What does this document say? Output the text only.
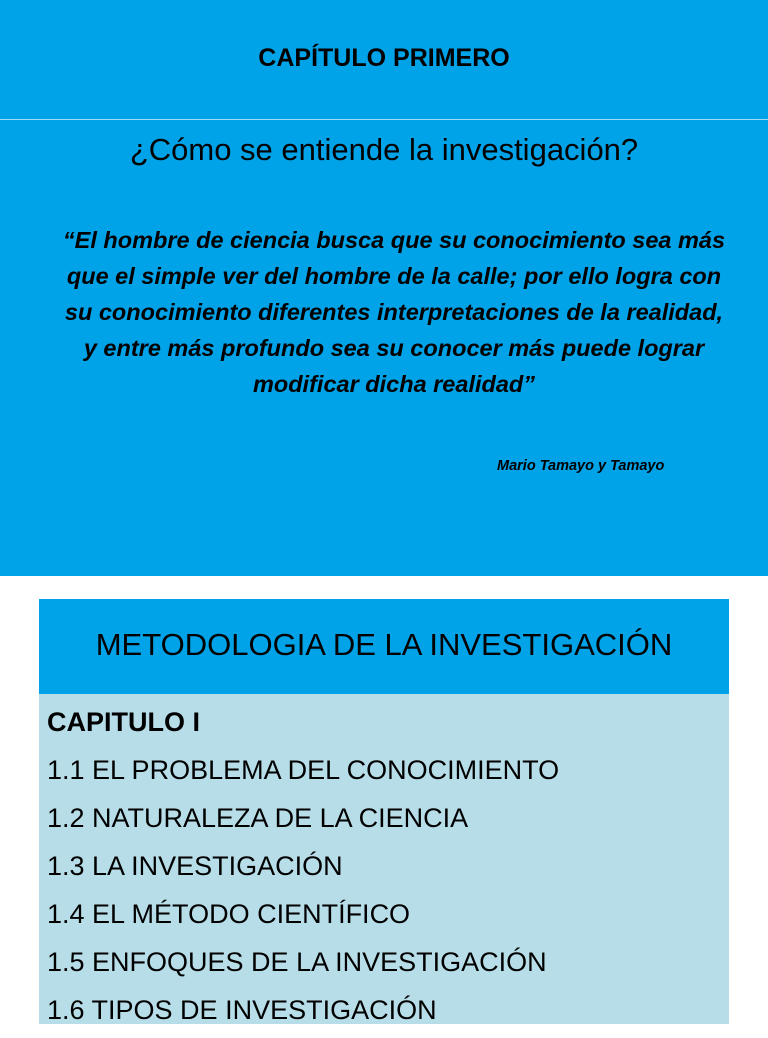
CAPÍTULO PRIMERO
¿Cómo se entiende la investigación?
“El hombre de ciencia busca que su conocimiento sea más
que el simple ver del hombre de la calle; por ello logra con
su conocimiento diferentes interpretaciones de la realidad,
y entre más profundo sea su conocer más puede lograr
modificar dicha realidad”
Mario Tamayo y Tamayo
METODOLOGIA DE LA INVESTIGACIÓN
CAPITULO I
1.1 EL PROBLEMA DEL CONOCIMIENTO
1.2 NATURALEZA DE LA CIENCIA
1.3 LA INVESTIGACIÓN
1.4 EL MÉTODO CIENTÍFICO
1.5 ENFOQUES DE LA INVESTIGACIÓN
1.6 TIPOS DE INVESTIGACIÓN
